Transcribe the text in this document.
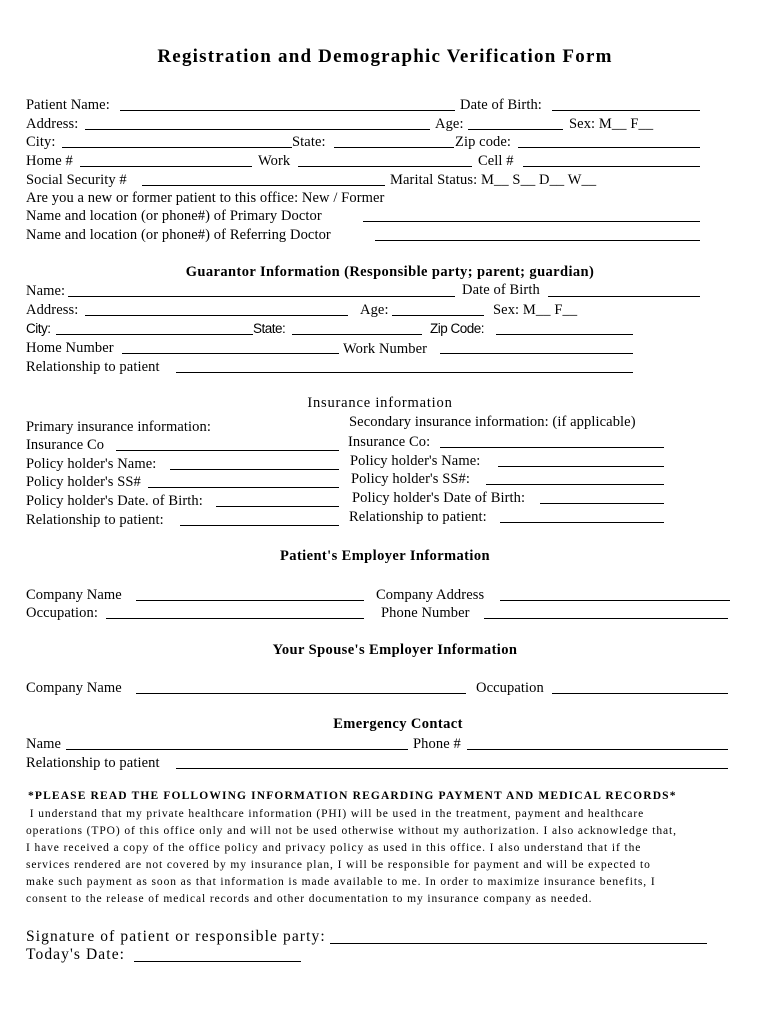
Registration and Demographic Verification Form
Patient Name:	Date of Birth:
Address:	Age:	Sex: M__ F__
City:	State:	Zip code:
Home #	Work	Cell #
Social Security #	Marital Status: M__ S__ D__ W__
Are you a new or former patient to this office: New / Former
Name and location (or phone#) of Primary Doctor
Name and location (or phone#) of Referring Doctor
Guarantor Information (Responsible party; parent; guardian)
Name:	Date of Birth
Address:	Age:	Sex: M__ F__
City:	State:	Zip Code:
Home Number	Work Number
Relationship to patient
Insurance information
Primary insurance information:	Secondary insurance information: (if applicable)
Insurance Co	Insurance Co:
Policy holder's Name:	Policy holder's Name:
Policy holder's SS#	Policy holder's SS#:
Policy holder's Date. of Birth:	Policy holder's Date of Birth:
Relationship to patient:	Relationship to patient:
Patient's Employer Information
Company Name	Company Address
Occupation:	Phone Number
Your Spouse's Employer Information
Company Name	Occupation
Emergency Contact
Name	Phone #
Relationship to patient
*PLEASE READ THE FOLLOWING INFORMATION REGARDING PAYMENT AND MEDICAL RECORDS*
I understand that my private healthcare information (PHI) will be used in the treatment, payment and healthcare
operations (TPO) of this office only and will not be used otherwise without my authorization. I also acknowledge that,
I have received a copy of the office policy and privacy policy as used in this office. I also understand that if the
services rendered are not covered by my insurance plan, I will be responsible for payment and will be expected to
make such payment as soon as that information is made available to me. In order to maximize insurance benefits, I
consent to the release of medical records and other documentation to my insurance company as needed.
Signature of patient or responsible party:
Today's Date:
